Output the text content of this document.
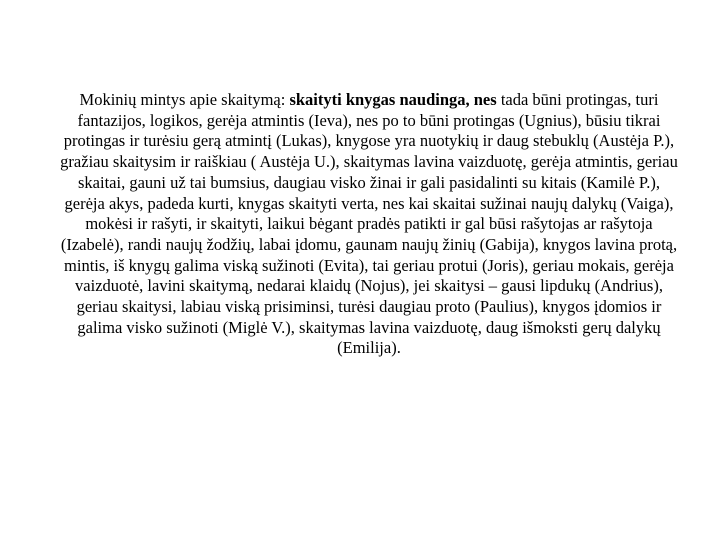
Mokinių mintys apie skaitymą: skaityti knygas naudinga, nes tada būni protingas, turi fantazijos, logikos, gerėja atmintis (Ieva), nes po to būni protingas (Ugnius), būsiu tikrai protingas ir turėsiu gerą atmintį (Lukas), knygose yra nuotykių ir daug stebuklų (Austėja P.), gražiau skaitysim ir raiškiau ( Austėja U.), skaitymas lavina vaizduotę, gerėja atmintis, geriau skaitai, gauni už tai bumsius, daugiau visko žinai ir gali pasidalinti su kitais (Kamilė P.), gerėja akys, padeda kurti, knygas skaityti verta, nes kai skaitai sužinai naujų dalykų (Vaiga), mokėsi ir rašyti, ir skaityti, laikui bėgant pradės patikti ir gal būsi rašytojas ar rašytoja (Izabelė), randi naujų žodžių, labai įdomu, gaunam naujų žinių (Gabija), knygos lavina protą, mintis, iš knygų galima viską sužinoti (Evita), tai geriau protui (Joris), geriau mokais, gerėja vaizduotė, lavini skaitymą, nedarai klaidų (Nojus), jei skaitysi – gausi lipdukų (Andrius), geriau skaitysi, labiau viską prisiminsi, turėsi daugiau proto (Paulius), knygos įdomios ir galima visko sužinoti (Miglė V.), skaitymas lavina vaizduotę, daug išmoksti gerų dalykų (Emilija).
